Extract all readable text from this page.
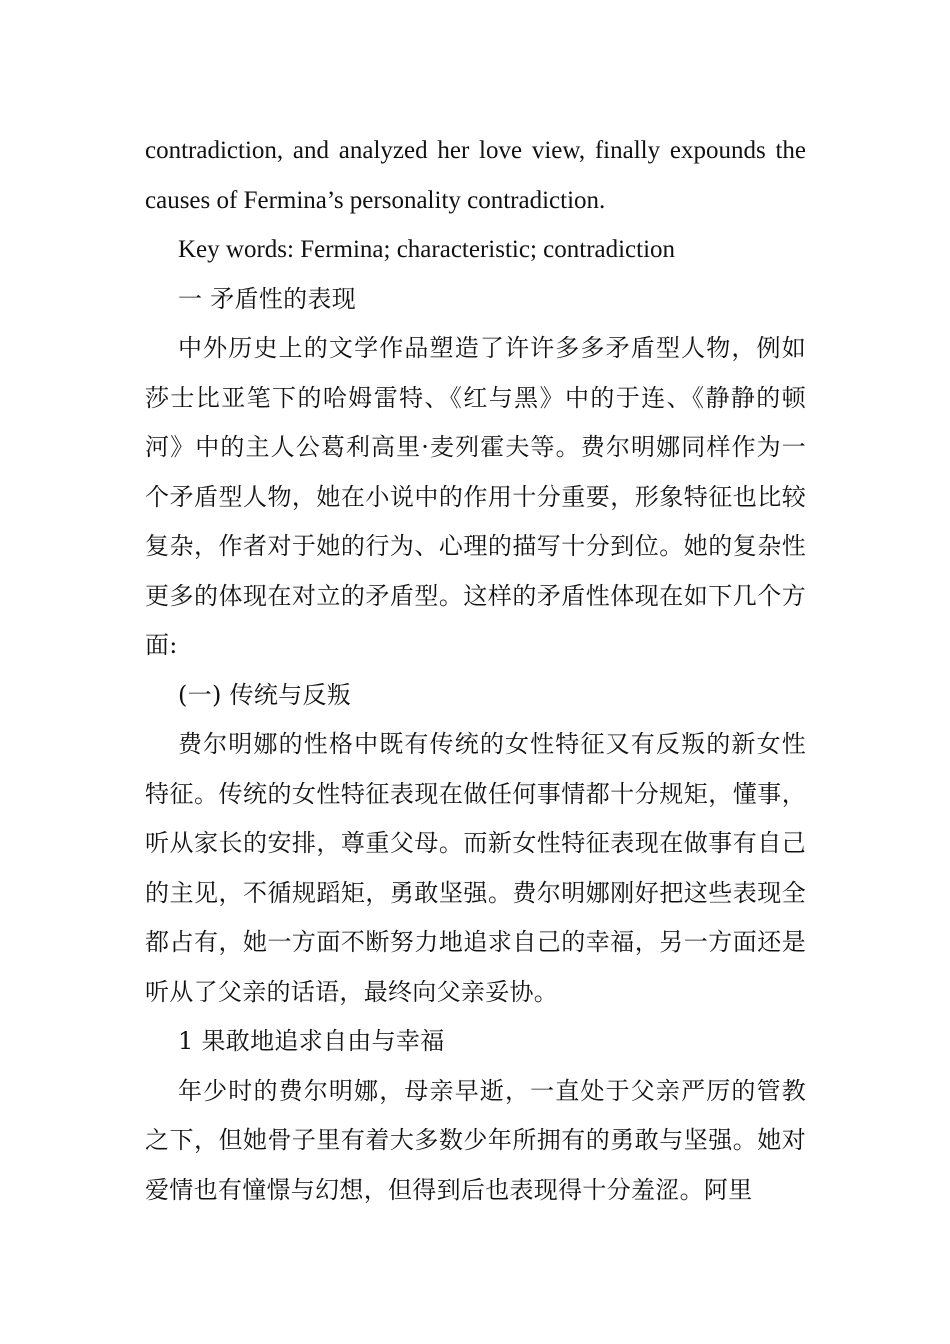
contradiction, and analyzed her love view, finally expounds the

causes of Fermina’s personality contradiction.

Key words: Fermina; characteristic; contradiction

一 矛盾性的表现

中外历史上的文学作品塑造了许许多多矛盾型人物，例如莎士比亚笔下的哈姆雷特、《红与黑》中的于连、《静静的顿河》中的主人公葛利高里·麦列霍夫等。费尔明娜同样作为一个矛盾型人物，她在小说中的作用十分重要，形象特征也比较复杂，作者对于她的行为、心理的描写十分到位。她的复杂性更多的体现在对立的矛盾型。这样的矛盾性体现在如下几个方面:

(一) 传统与反叛

费尔明娜的性格中既有传统的女性特征又有反叛的新女性特征。传统的女性特征表现在做任何事情都十分规矩，懂事，听从家长的安排，尊重父母。而新女性特征表现在做事有自己的主见，不循规蹈矩，勇敢坚强。费尔明娜刚好把这些表现全都占有，她一方面不断努力地追求自己的幸福，另一方面还是听从了父亲的话语，最终向父亲妥协。

1 果敢地追求自由与幸福

年少时的费尔明娜，母亲早逝，一直处于父亲严厉的管教之下，但她骨子里有着大多数少年所拥有的勇敢与坚强。她对爱情也有憧憬与幻想，但得到后也表现得十分羞涩。阿里
